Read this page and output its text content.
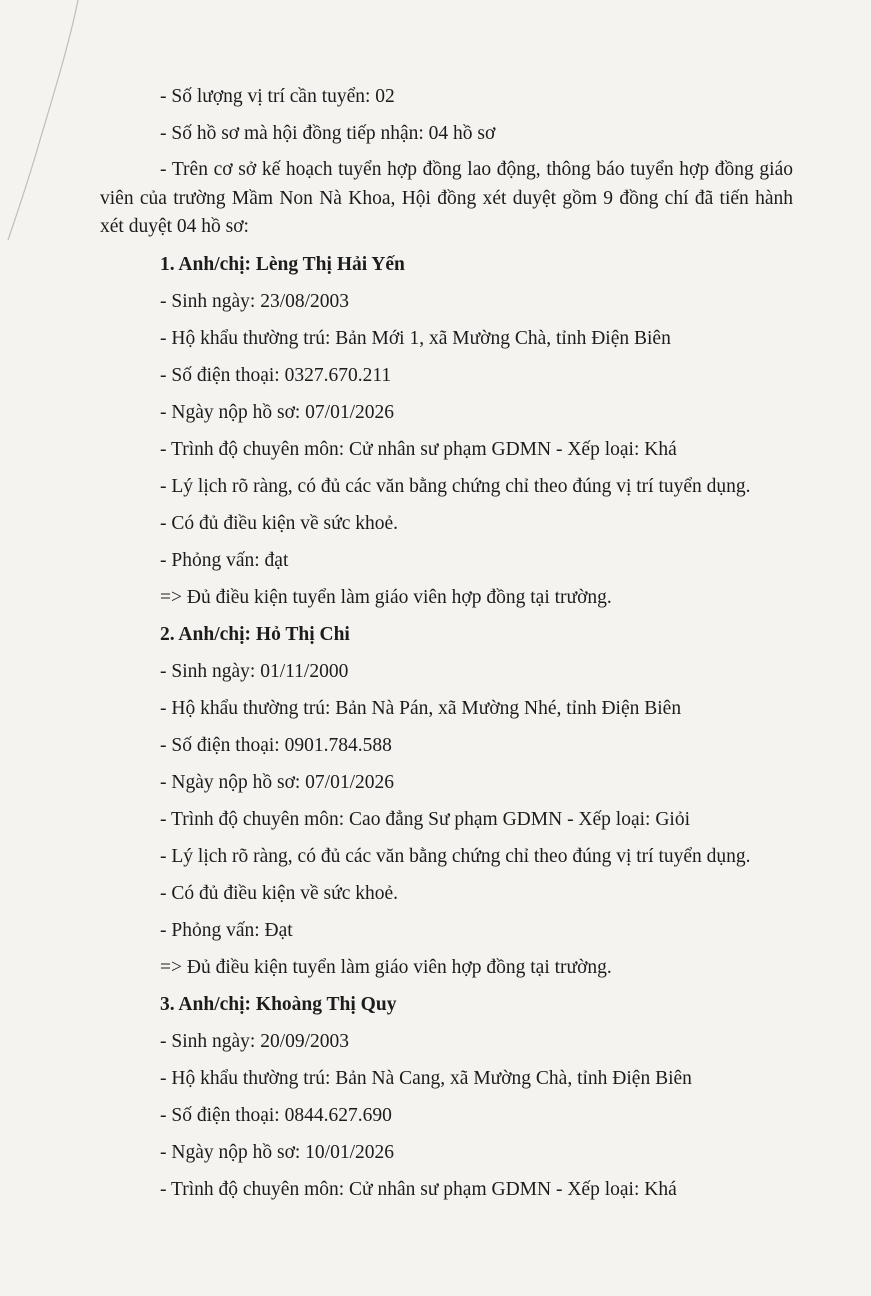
- Số lượng vị trí cần tuyển: 02
- Số hồ sơ mà hội đồng tiếp nhận: 04 hồ sơ
- Trên cơ sở kế hoạch tuyển hợp đồng lao động, thông báo tuyển hợp đồng giáo viên của trường Mầm Non Nà Khoa, Hội đồng xét duyệt gồm 9 đồng chí đã tiến hành xét duyệt 04 hồ sơ:
1. Anh/chị: Lèng Thị Hải Yến
- Sinh ngày: 23/08/2003
- Hộ khẩu thường trú: Bản Mới 1, xã Mường Chà, tỉnh Điện Biên
- Số điện thoại: 0327.670.211
- Ngày nộp hồ sơ: 07/01/2026
- Trình độ chuyên môn: Cử nhân sư phạm GDMN - Xếp loại: Khá
- Lý lịch rõ ràng, có đủ các văn bằng chứng chỉ theo đúng vị trí tuyển dụng.
- Có đủ điều kiện về sức khoẻ.
- Phỏng vấn: đạt
=> Đủ điều kiện tuyển làm giáo viên hợp đồng tại trường.
2. Anh/chị: Hỏ Thị Chi
- Sinh ngày: 01/11/2000
- Hộ khẩu thường trú: Bản Nà Pán, xã Mường Nhé, tỉnh Điện Biên
- Số điện thoại: 0901.784.588
- Ngày nộp hồ sơ: 07/01/2026
- Trình độ chuyên môn: Cao đẳng Sư phạm GDMN - Xếp loại: Giỏi
- Lý lịch rõ ràng, có đủ các văn bằng chứng chỉ theo đúng vị trí tuyển dụng.
- Có đủ điều kiện về sức khoẻ.
- Phỏng vấn: Đạt
=> Đủ điều kiện tuyển làm giáo viên hợp đồng tại trường.
3. Anh/chị: Khoàng Thị Quy
- Sinh ngày: 20/09/2003
- Hộ khẩu thường trú: Bản Nà Cang, xã Mường Chà, tỉnh Điện Biên
- Số điện thoại: 0844.627.690
- Ngày nộp hồ sơ: 10/01/2026
- Trình độ chuyên môn: Cử nhân sư phạm GDMN - Xếp loại: Khá
